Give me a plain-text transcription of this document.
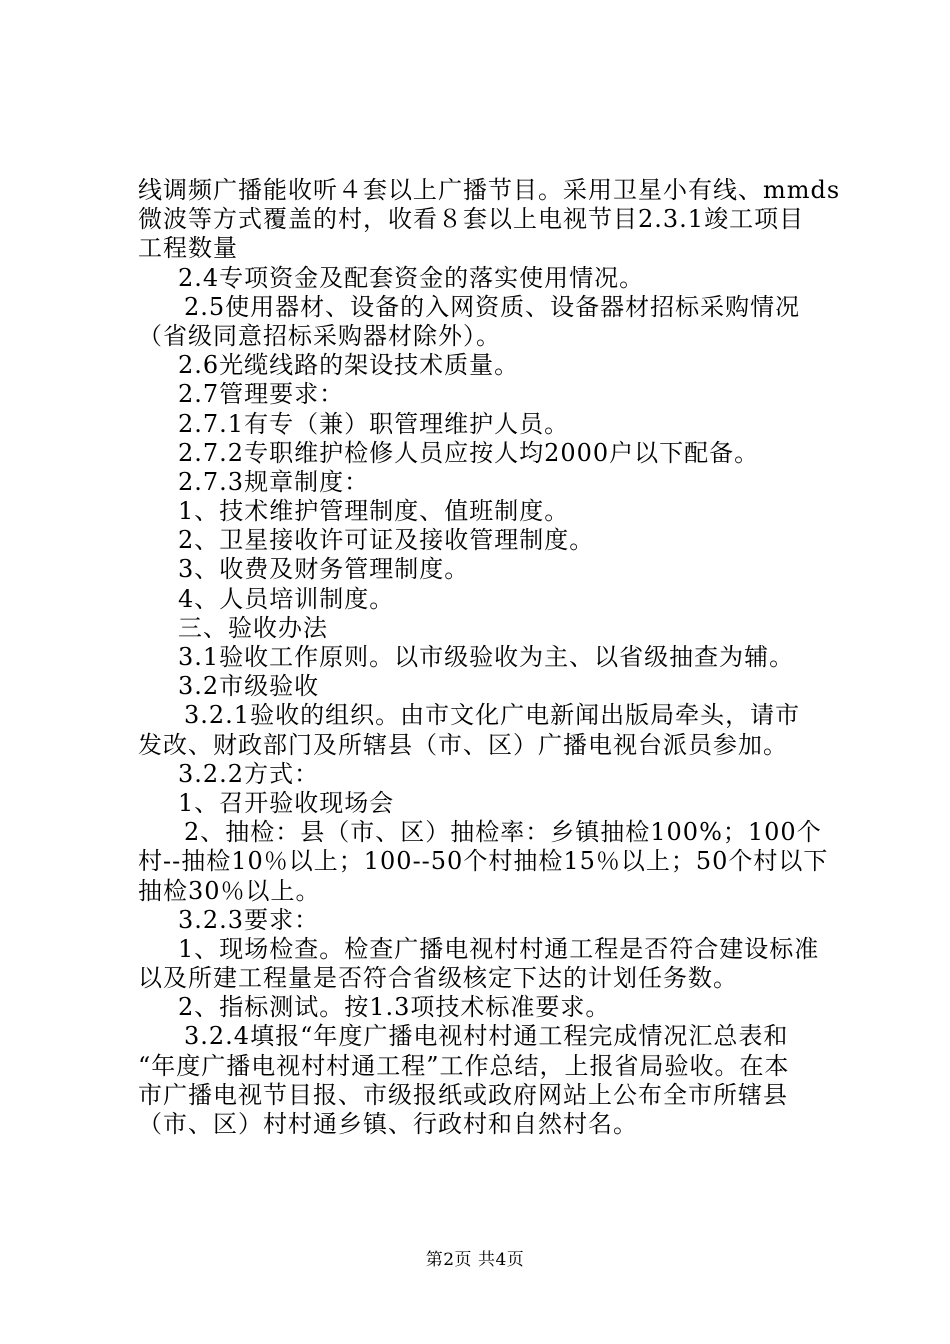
线调频广播能收听４套以上广播节目。采用卫星小有线、mmds
微波等方式覆盖的村，收看８套以上电视节目2.3.1竣工项目
工程数量
2.4专项资金及配套资金的落实使用情况。
2.5使用器材、设备的入网资质、设备器材招标采购情况
（省级同意招标采购器材除外）。
2.6光缆线路的架设技术质量。
2.7管理要求：
2.7.1有专（兼）职管理维护人员。
2.7.2专职维护检修人员应按人均2000户以下配备。
2.7.3规章制度：
1、技术维护管理制度、值班制度。
2、卫星接收许可证及接收管理制度。
3、收费及财务管理制度。
4、人员培训制度。
三、验收办法
3.1验收工作原则。以市级验收为主、以省级抽查为辅。
3.2市级验收
3.2.1验收的组织。由市文化广电新闻出版局牵头，请市
发改、财政部门及所辖县（市、区）广播电视台派员参加。
3.2.2方式：
1、召开验收现场会
2、抽检：县（市、区）抽检率：乡镇抽检100%；100个
村--抽检10％以上；100--50个村抽检15％以上；50个村以下
抽检30％以上。
3.2.3要求：
1、现场检查。检查广播电视村村通工程是否符合建设标准
以及所建工程量是否符合省级核定下达的计划任务数。
2、指标测试。按1.3项技术标准要求。
3.2.4填报“年度广播电视村村通工程完成情况汇总表和
“年度广播电视村村通工程”工作总结，上报省局验收。在本
市广播电视节目报、市级报纸或政府网站上公布全市所辖县
（市、区）村村通乡镇、行政村和自然村名。
第2页 共4页
